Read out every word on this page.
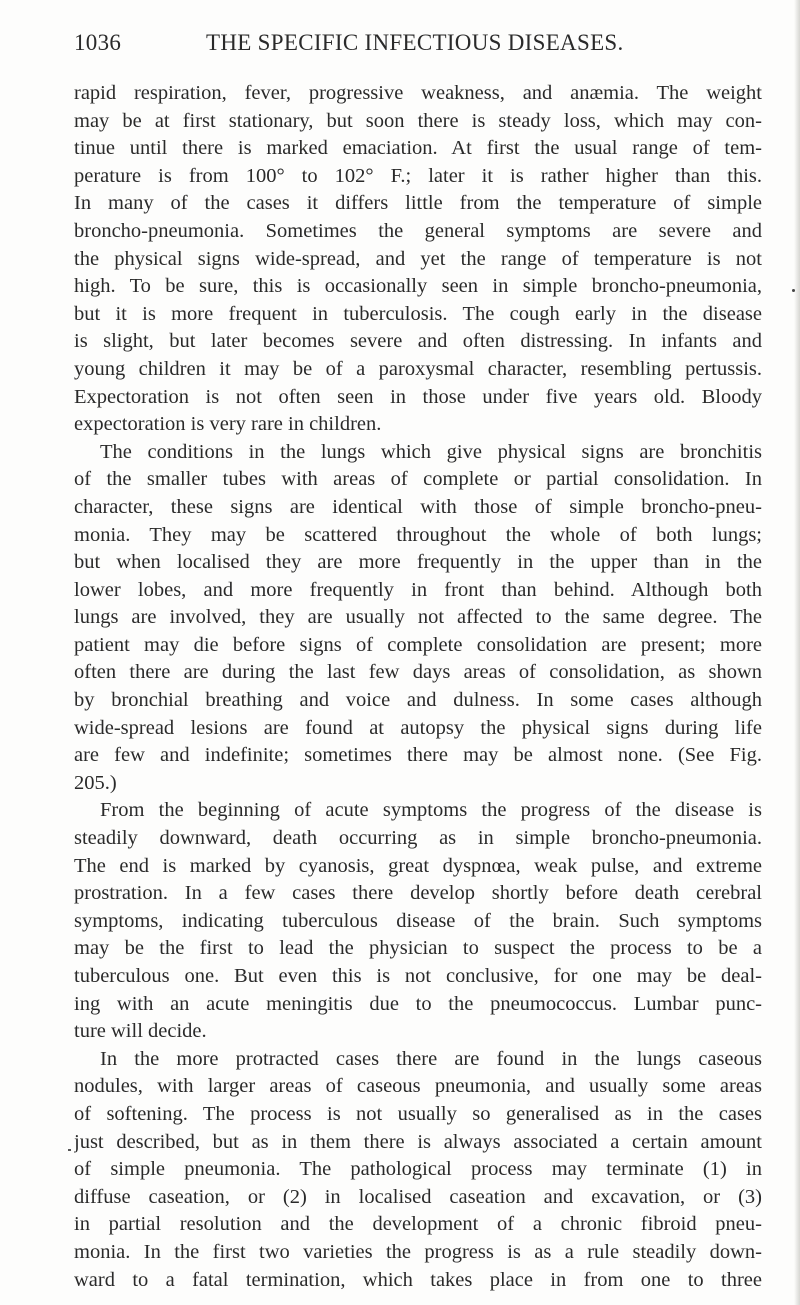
1036	THE SPECIFIC INFECTIOUS DISEASES.
rapid respiration, fever, progressive weakness, and anæmia. The weight
may be at first stationary, but soon there is steady loss, which may con-
tinue until there is marked emaciation. At first the usual range of tem-
perature is from 100° to 102° F.; later it is rather higher than this.
In many of the cases it differs little from the temperature of simple
broncho-pneumonia. Sometimes the general symptoms are severe and
the physical signs wide-spread, and yet the range of temperature is not
high. To be sure, this is occasionally seen in simple broncho-pneumonia,
but it is more frequent in tuberculosis. The cough early in the disease
is slight, but later becomes severe and often distressing. In infants and
young children it may be of a paroxysmal character, resembling pertussis.
Expectoration is not often seen in those under five years old. Bloody
expectoration is very rare in children.
The conditions in the lungs which give physical signs are bronchitis
of the smaller tubes with areas of complete or partial consolidation. In
character, these signs are identical with those of simple broncho-pneu-
monia. They may be scattered throughout the whole of both lungs;
but when localised they are more frequently in the upper than in the
lower lobes, and more frequently in front than behind. Although both
lungs are involved, they are usually not affected to the same degree. The
patient may die before signs of complete consolidation are present; more
often there are during the last few days areas of consolidation, as shown
by bronchial breathing and voice and dulness. In some cases although
wide-spread lesions are found at autopsy the physical signs during life
are few and indefinite; sometimes there may be almost none. (See Fig.
205.)
From the beginning of acute symptoms the progress of the disease is
steadily downward, death occurring as in simple broncho-pneumonia.
The end is marked by cyanosis, great dyspnœa, weak pulse, and extreme
prostration. In a few cases there develop shortly before death cerebral
symptoms, indicating tuberculous disease of the brain. Such symptoms
may be the first to lead the physician to suspect the process to be a
tuberculous one. But even this is not conclusive, for one may be deal-
ing with an acute meningitis due to the pneumococcus. Lumbar punc-
ture will decide.
In the more protracted cases there are found in the lungs caseous
nodules, with larger areas of caseous pneumonia, and usually some areas
of softening. The process is not usually so generalised as in the cases
just described, but as in them there is always associated a certain amount
of simple pneumonia. The pathological process may terminate (1) in
diffuse caseation, or (2) in localised caseation and excavation, or (3)
in partial resolution and the development of a chronic fibroid pneu-
monia. In the first two varieties the progress is as a rule steadily down-
ward to a fatal termination, which takes place in from one to three
